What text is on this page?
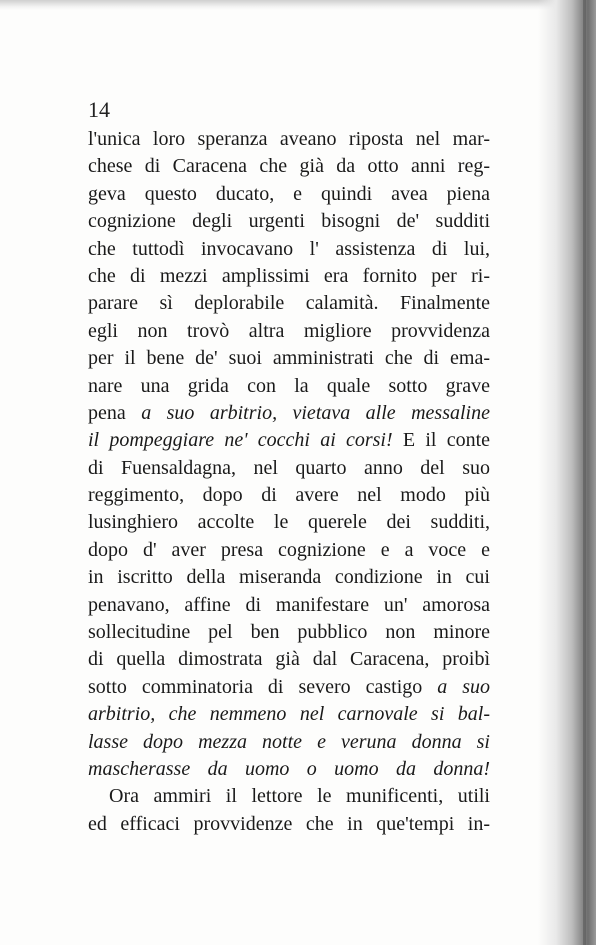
14
l'unica loro speranza aveano riposta nel mar-
chese di Caracena che già da otto anni reg-
geva questo ducato, e quindi avea piena
cognizione degli urgenti bisogni de' sudditi
che tuttodì invocavano l' assistenza di lui,
che di mezzi amplissimi era fornito per ri-
parare sì deplorabile calamità. Finalmente
egli non trovò altra migliore provvidenza
per il bene de' suoi amministrati che di ema-
nare una grida con la quale sotto grave
pena a suo arbitrio, vietava alle messaline
il pompeggiare ne' cocchi ai corsi! E il conte
di Fuensaldagna, nel quarto anno del suo
reggimento, dopo di avere nel modo più
lusinghiero accolte le querele dei sudditi,
dopo d' aver presa cognizione e a voce e
in iscritto della miseranda condizione in cui
penavano, affine di manifestare un' amorosa
sollecitudine pel ben pubblico non minore
di quella dimostrata già dal Caracena, proibì
sotto comminatoria di severo castigo a suo
arbitrio, che nemmeno nel carnovale si bal-
lasse dopo mezza notte e veruna donna si
mascherasse da uomo o uomo da donna!
Ora ammiri il lettore le munificenti, utili
ed efficaci provvidenze che in que'tempi in-
